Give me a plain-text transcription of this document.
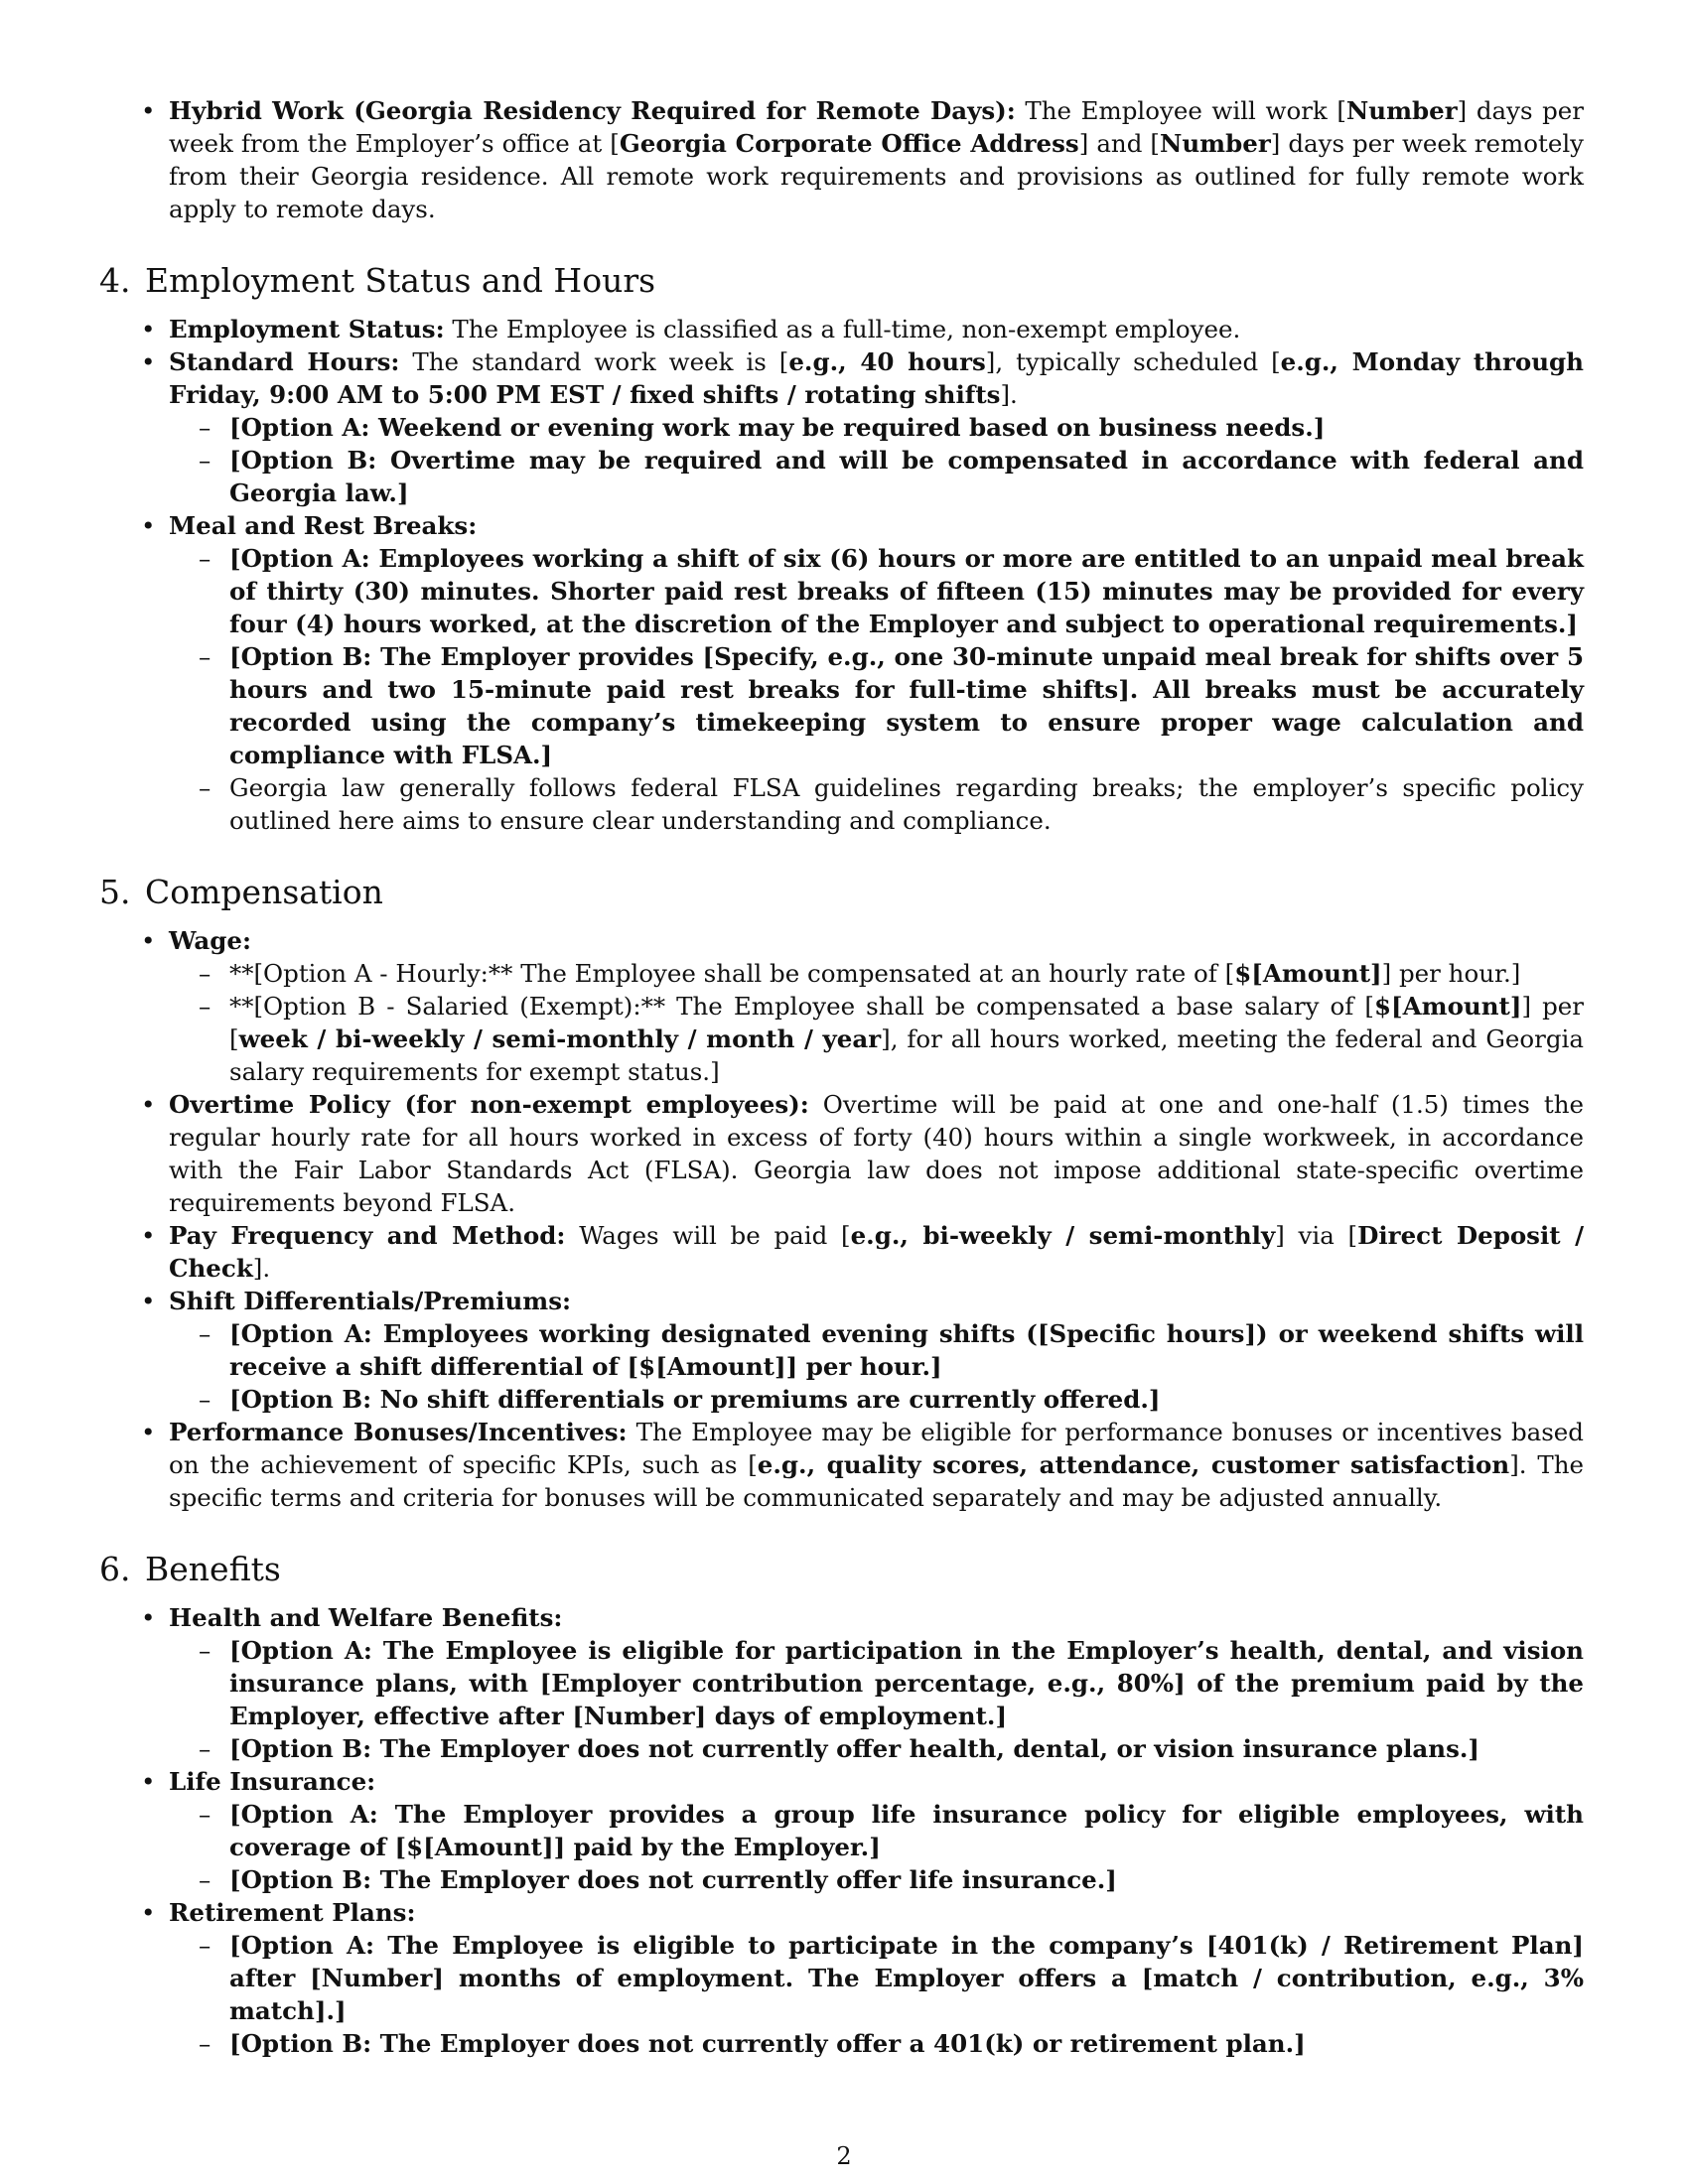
• Hybrid Work (Georgia Residency Required for Remote Days): The Employee will work [Number] days per week from the Employer’s office at [Georgia Corporate Office Address] and [Number] days per week remotely from their Georgia residence. All remote work requirements and provisions as outlined for fully remote work apply to remote days.
4. Employment Status and Hours
• Employment Status: The Employee is classified as a full-time, non-exempt employee.
• Standard Hours: The standard work week is [e.g., 40 hours], typically scheduled [e.g., Monday through Friday, 9:00 AM to 5:00 PM EST / fixed shifts / rotating shifts].
– [Option A: Weekend or evening work may be required based on business needs.]
– [Option B: Overtime may be required and will be compensated in accordance with federal and Georgia law.]
• Meal and Rest Breaks:
– [Option A: Employees working a shift of six (6) hours or more are entitled to an unpaid meal break of thirty (30) minutes. Shorter paid rest breaks of fifteen (15) minutes may be provided for every four (4) hours worked, at the discretion of the Employer and subject to operational requirements.]
– [Option B: The Employer provides [Specify, e.g., one 30-minute unpaid meal break for shifts over 5 hours and two 15-minute paid rest breaks for full-time shifts]. All breaks must be accurately recorded using the company’s timekeeping system to ensure proper wage calculation and compliance with FLSA.]
– Georgia law generally follows federal FLSA guidelines regarding breaks; the employer’s specific policy outlined here aims to ensure clear understanding and compliance.
5. Compensation
• Wage:
– **[Option A - Hourly:** The Employee shall be compensated at an hourly rate of [$[Amount]] per hour.]
– **[Option B - Salaried (Exempt):** The Employee shall be compensated a base salary of [$[Amount]] per [week / bi-weekly / semi-monthly / month / year], for all hours worked, meeting the federal and Georgia salary requirements for exempt status.]
• Overtime Policy (for non-exempt employees): Overtime will be paid at one and one-half (1.5) times the regular hourly rate for all hours worked in excess of forty (40) hours within a single workweek, in accordance with the Fair Labor Standards Act (FLSA). Georgia law does not impose additional state-specific overtime requirements beyond FLSA.
• Pay Frequency and Method: Wages will be paid [e.g., bi-weekly / semi-monthly] via [Direct Deposit / Check].
• Shift Differentials/Premiums:
– [Option A: Employees working designated evening shifts ([Specific hours]) or weekend shifts will receive a shift differential of [$[Amount]] per hour.]
– [Option B: No shift differentials or premiums are currently offered.]
• Performance Bonuses/Incentives: The Employee may be eligible for performance bonuses or incentives based on the achievement of specific KPIs, such as [e.g., quality scores, attendance, customer satisfaction]. The specific terms and criteria for bonuses will be communicated separately and may be adjusted annually.
6. Benefits
• Health and Welfare Benefits:
– [Option A: The Employee is eligible for participation in the Employer’s health, dental, and vision insurance plans, with [Employer contribution percentage, e.g., 80%] of the premium paid by the Employer, effective after [Number] days of employment.]
– [Option B: The Employer does not currently offer health, dental, or vision insurance plans.]
• Life Insurance:
– [Option A: The Employer provides a group life insurance policy for eligible employees, with coverage of [$[Amount]] paid by the Employer.]
– [Option B: The Employer does not currently offer life insurance.]
• Retirement Plans:
– [Option A: The Employee is eligible to participate in the company’s [401(k) / Retirement Plan] after [Number] months of employment. The Employer offers a [match / contribution, e.g., 3% match].]
– [Option B: The Employer does not currently offer a 401(k) or retirement plan.]
2
